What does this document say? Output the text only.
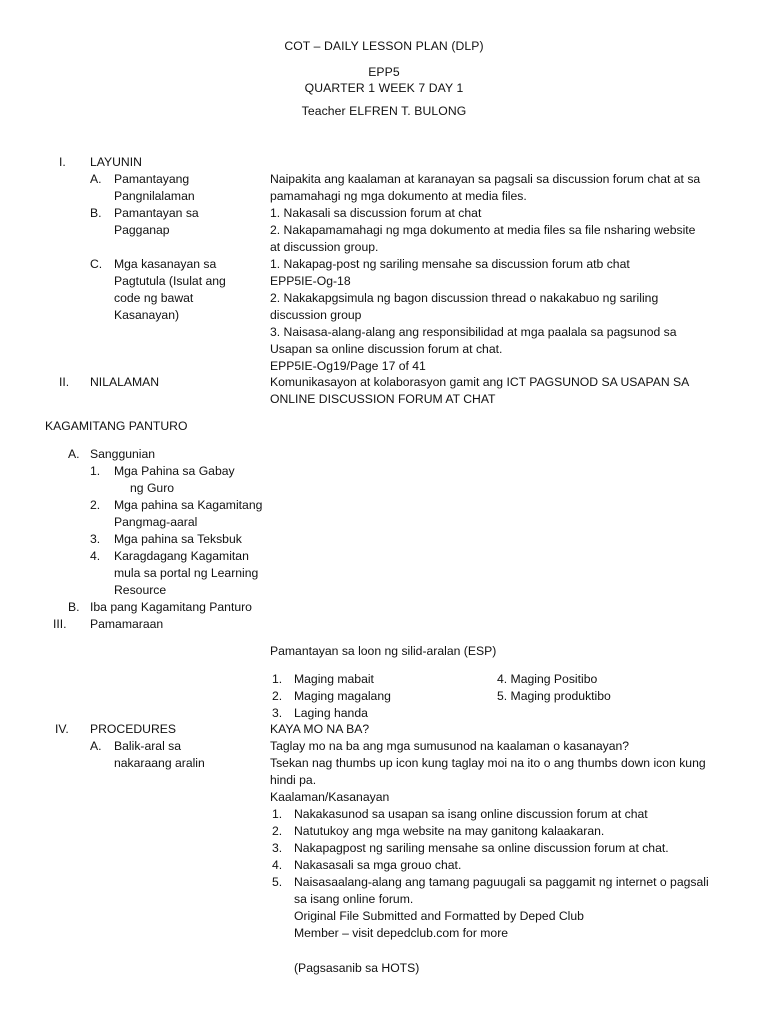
COT – DAILY LESSON PLAN (DLP)
EPP5
QUARTER 1 WEEK 7 DAY 1
Teacher ELFREN T. BULONG
I. LAYUNIN
A. Pamantayang
Pangnilalaman
Naipakita ang kaalaman at karanayan sa pagsali sa discussion forum chat at sa
pamamahagi ng mga dokumento at media files.
B. Pamantayan sa
Pagganap
1. Nakasali sa discussion forum at chat
2. Nakapamamahagi ng mga dokumento at media files sa file nsharing website
at discussion group.
C. Mga kasanayan sa
Pagtutula (Isulat ang
code ng bawat
Kasanayan)
1. Nakapag-post ng sariling mensahe sa discussion forum atb chat
EPP5IE-Og-18
2. Nakakapgsimula ng bagon discussion thread o nakakabuo ng sariling
discussion group
3. Naisasa-alang-alang ang responsibilidad at mga paalala sa pagsunod sa
Usapan sa online discussion forum at chat.
EPP5IE-Og19/Page 17 of 41
II. NILALAMAN	Komunikasayon at kolaborasyon gamit ang ICT PAGSUNOD SA USAPAN SA
ONLINE DISCUSSION FORUM AT CHAT
KAGAMITANG PANTURO
A. Sanggunian
1. Mga Pahina sa Gabay
ng Guro
2. Mga pahina sa Kagamitang
Pangmag-aaral
3. Mga pahina sa Teksbuk
4. Karagdagang Kagamitan
mula sa portal ng Learning
Resource
B. Iba pang Kagamitang Panturo
III. Pamamaraan
Pamantayan sa loon ng silid-aralan (ESP)
1. Maging mabait
2. Maging magalang
3. Laging handa
4. Maging Positibo
5. Maging produktibo
IV. PROCEDURES
A. Balik-aral sa
nakaraang aralin
KAYA MO NA BA?
Taglay mo na ba ang mga sumusunod na kaalaman o kasanayan?
Tsekan nag thumbs up icon kung taglay moi na ito o ang thumbs down icon kung
hindi pa.
Kaalaman/Kasanayan
1. Nakakasunod sa usapan sa isang online discussion forum at chat
2. Natutukoy ang mga website na may ganitong kalaakaran.
3. Nakapagpost ng sariling mensahe sa online discussion forum at chat.
4. Nakasasali sa mga grouo chat.
5. Naisasaalang-alang ang tamang paguugali sa paggamit ng internet o pagsali
sa isang online forum.
Original File Submitted and Formatted by Deped Club
Member – visit depedclub.com for more
(Pagsasanib sa HOTS)
